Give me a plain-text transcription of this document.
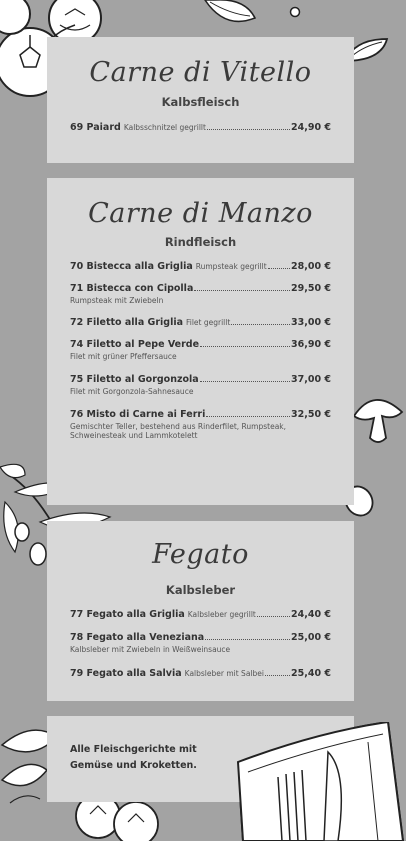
Carne di Vitello
Kalbsfleisch
69 Paiard Kalbsschnitzel gegrillt	24,90 €
Carne di Manzo
Rindfleisch
70 Bistecca alla Griglia Rumpsteak gegrillt	28,00 €
71 Bistecca con Cipolla	29,50 €
Rumpsteak mit Zwiebeln
72 Filetto alla Griglia Filet gegrillt	33,00 €
74 Filetto al Pepe Verde	36,90 €
Filet mit grüner Pfeffersauce
75 Filetto al Gorgonzola	37,00 €
Filet mit Gorgonzola-Sahnesauce
76 Misto di Carne ai Ferri	32,50 €
Gemischter Teller, bestehend aus Rinderfilet, Rumpsteak,
Schweinesteak und Lammkotelett
Fegato
Kalbsleber
77 Fegato alla Griglia Kalbsleber gegrillt	24,40 €
78 Fegato alla Veneziana	25,00 €
Kalbsleber mit Zwiebeln in Weißweinsauce
79 Fegato alla Salvia Kalbsleber mit Salbei	25,40 €
Alle Fleischgerichte mit
Gemüse und Kroketten.
